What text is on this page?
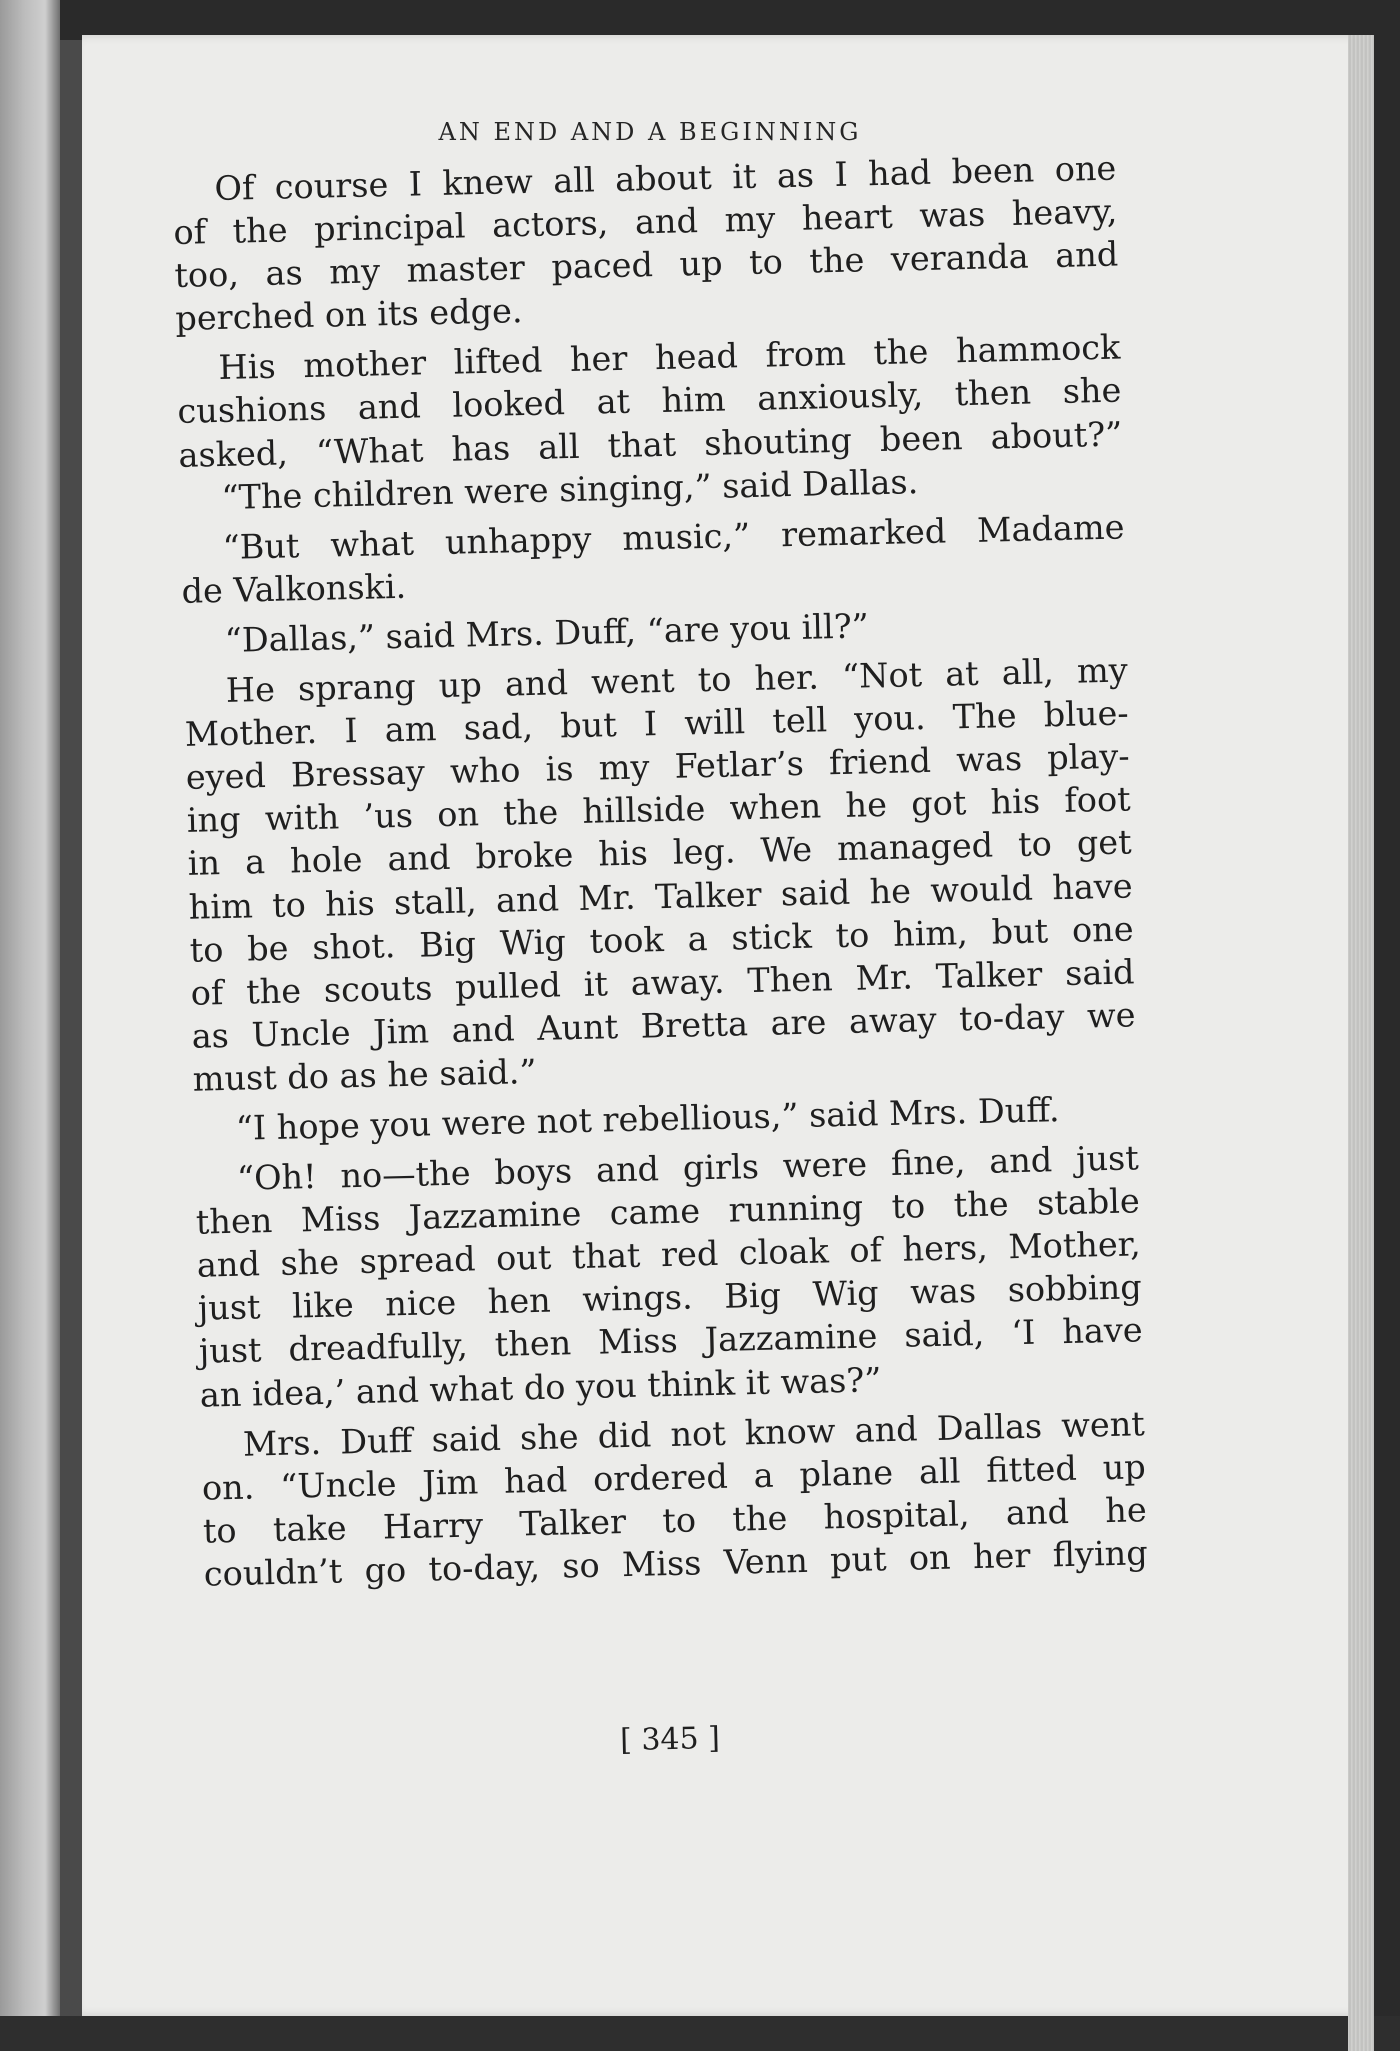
AN END AND A BEGINNING
Of course I knew all about it as I had been one
of the principal actors, and my heart was heavy,
too, as my master paced up to the veranda and
perched on its edge.
His mother lifted her head from the hammock
cushions and looked at him anxiously, then she
asked, “What has all that shouting been about?”
“The children were singing,” said Dallas.
“But what unhappy music,” remarked Madame
de Valkonski.
“Dallas,” said Mrs. Duff, “are you ill?”
He sprang up and went to her. “Not at all, my
Mother. I am sad, but I will tell you. The blue-
eyed Bressay who is my Fetlar’s friend was play-
ing with ’us on the hillside when he got his foot
in a hole and broke his leg. We managed to get
him to his stall, and Mr. Talker said he would have
to be shot. Big Wig took a stick to him, but one
of the scouts pulled it away. Then Mr. Talker said
as Uncle Jim and Aunt Bretta are away to-day we
must do as he said.”
“I hope you were not rebellious,” said Mrs. Duff.
“Oh! no—the boys and girls were fine, and just
then Miss Jazzamine came running to the stable
and she spread out that red cloak of hers, Mother,
just like nice hen wings. Big Wig was sobbing
just dreadfully, then Miss Jazzamine said, ‘I have
an idea,’ and what do you think it was?”
Mrs. Duff said she did not know and Dallas went
on. “Uncle Jim had ordered a plane all fitted up
to take Harry Talker to the hospital, and he
couldn’t go to-day, so Miss Venn put on her flying
[ 345 ]
